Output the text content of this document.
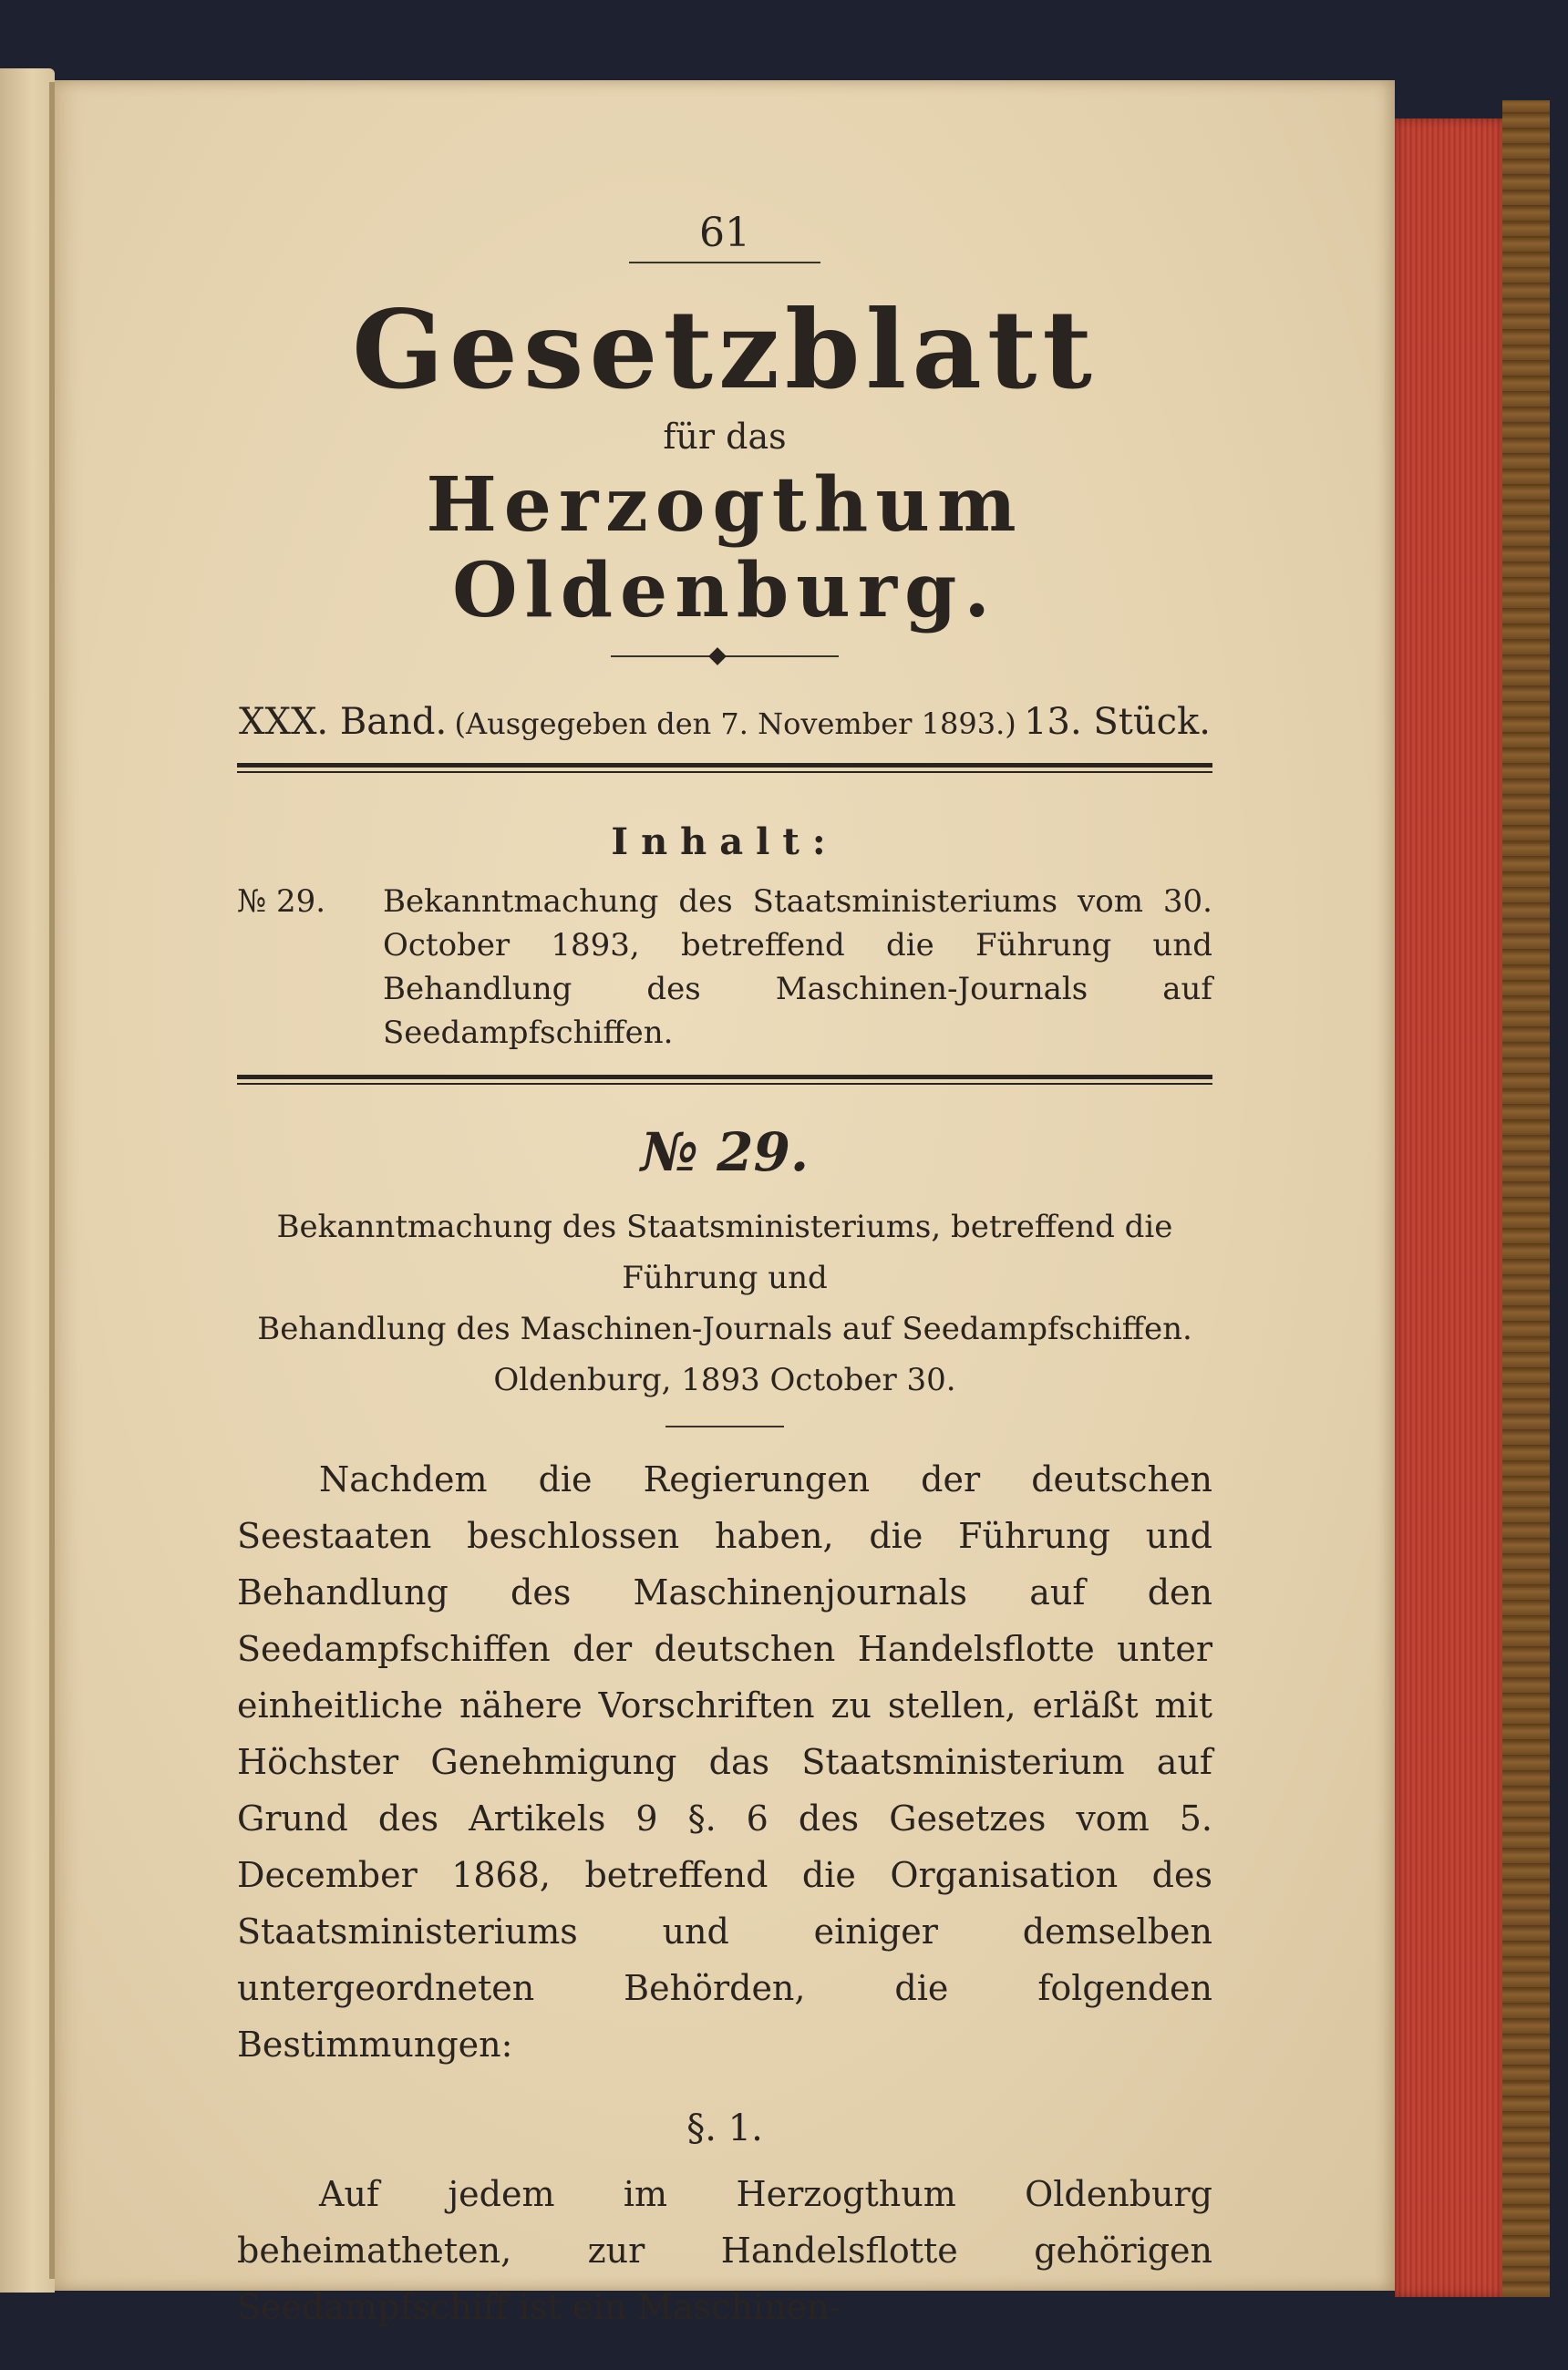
61

Gesetzblatt
für das
Herzogthum Oldenburg.
XXX. Band. (Ausgegeben den 7. November 1893.) 13. Stück.
Inhalt:
№ 29.	Bekanntmachung des Staatsministeriums vom 30. October 1893, betreffend die Führung und Behandlung des Maschinen-Journals auf Seedampfschiffen.
№ 29.
Bekanntmachung des Staatsministeriums, betreffend die Führung und
Behandlung des Maschinen-Journals auf Seedampfschiffen.
Oldenburg, 1893 October 30.

Nachdem die Regierungen der deutschen Seestaaten beschlossen haben, die Führung und Behandlung des Maschinenjournals auf den Seedampfschiffen der deutschen Handelsflotte unter einheitliche nähere Vorschriften zu stellen, erläßt mit Höchster Genehmigung das Staatsministerium auf Grund des Artikels 9 §. 6 des Gesetzes vom 5. December 1868, betreffend die Organisation des Staatsministeriums und einiger demselben untergeordneten Behörden, die folgenden Bestimmungen:

§. 1.

Auf jedem im Herzogthum Oldenburg beheimatheten, zur Handelsflotte gehörigen Seedampfschiff ist ein Maschinen-
